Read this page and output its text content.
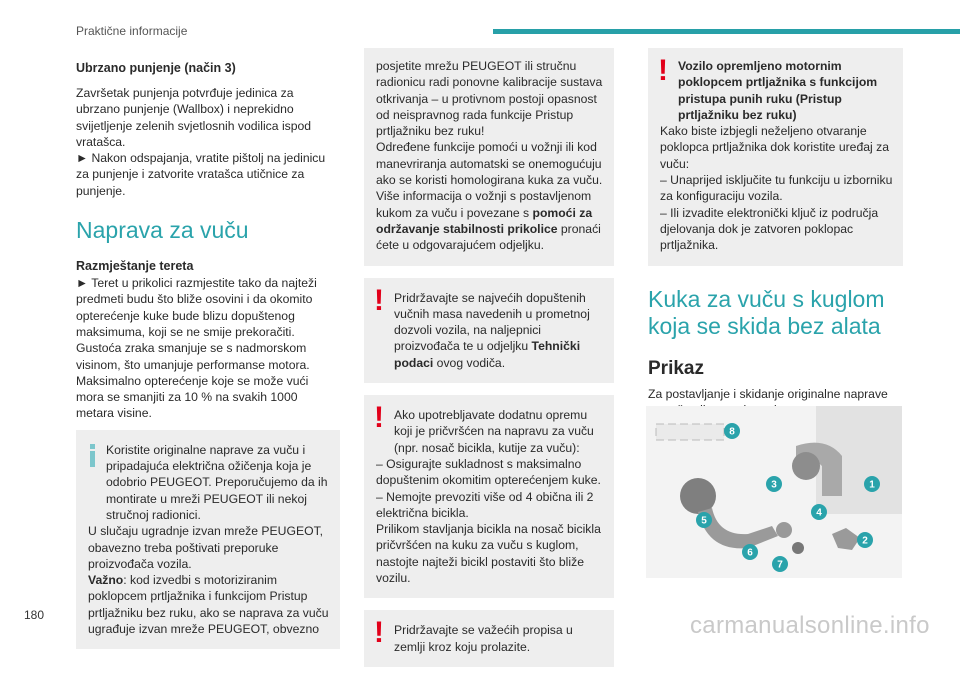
Praktične informacije
Ubrzano punjenje (način 3)

Završetak punjenja potvrđuje jedinica za ubrzano punjenje (Wallbox) i neprekidno svijetljenje zelenih svjetlosnih vodilica ispod vratašca.

► Nakon odspajanja, vratite pištolj na jedinicu za punjenje i zatvorite vratašca utičnice za punjenje.

Naprava za vuču
Razmještanje tereta

► Teret u prikolici razmjestite tako da najteži predmeti budu što bliže osovini i da okomito opterećenje kuke bude blizu dopuštenog maksimuma, koji se ne smije prekoračiti.

Gustoća zraka smanjuje se s nadmorskom visinom, što umanjuje performanse motora. Maksimalno opterećenje koje se može vući mora se smanjiti za 10 % na svakih 1000 metara visine.

Koristite originalne naprave za vuču i pripadajuća električna ožičenja koja je odobrio PEUGEOT. Preporučujemo da ih montirate u mreži PEUGEOT ili nekoj stručnoj radionici.

U slučaju ugradnje izvan mreže PEUGEOT, obavezno treba poštivati preporuke proizvođača vozila.

Važno: kod izvedbi s motoriziranim poklopcem prtljažnika i funkcijom Pristup prtljažniku bez ruku, ako se naprava za vuču ugrađuje izvan mreže PEUGEOT, obvezno

posjetite mrežu PEUGEOT ili stručnu radionicu radi ponovne kalibracije sustava otkrivanja – u protivnom postoji opasnost od neispravnog rada funkcije Pristup prtljažniku bez ruku!

Određene funkcije pomoći u vožnji ili kod manevriranja automatski se onemogućuju ako se koristi homologirana kuka za vuču.

Više informacija o vožnji s postavljenom kukom za vuču i povezane s pomoći za održavanje stabilnosti prikolice pronaći ćete u odgovarajućem odjeljku.

! Pridržavajte se najvećih dopuštenih vučnih masa navedenih u prometnoj dozvoli vozila, na naljepnici proizvođača te u odjeljku Tehnički podaci ovog vodiča.

! Ako upotrebljavate dodatnu opremu koji je pričvršćen na napravu za vuču (npr. nosač bicikla, kutije za vuču):

– Osigurajte sukladnost s maksimalno dopuštenim okomitim opterećenjem kuke.

– Nemojte prevoziti više od 4 obična ili 2 električna bicikla.

Prilikom stavljanja bicikla na nosač bicikla pričvršćen na kuku za vuču s kuglom, nastojte najteži bicikl postaviti što bliže vozilu.

! Pridržavajte se važećih propisa u zemlji kroz koju prolazite.

! Vozilo opremljeno motornim poklopcem prtljažnika s funkcijom pristupa punih ruku (Pristup prtljažniku bez ruku)

Kako biste izbjegli neželjeno otvaranje poklopca prtljažnika dok koristite uređaj za vuču:

– Unaprijed isključite tu funkciju u izborniku za konfiguraciju vozila.

– Ili izvadite elektronički ključ iz područja djelovanja dok je zatvoren poklopac prtljažnika.

Kuka za vuču s kuglom koja se skida bez alata
Prikaz

Za postavljanje i skidanje originalne naprave

1
2
3
4
5
6
7
8
180	carmanualsonline.info
